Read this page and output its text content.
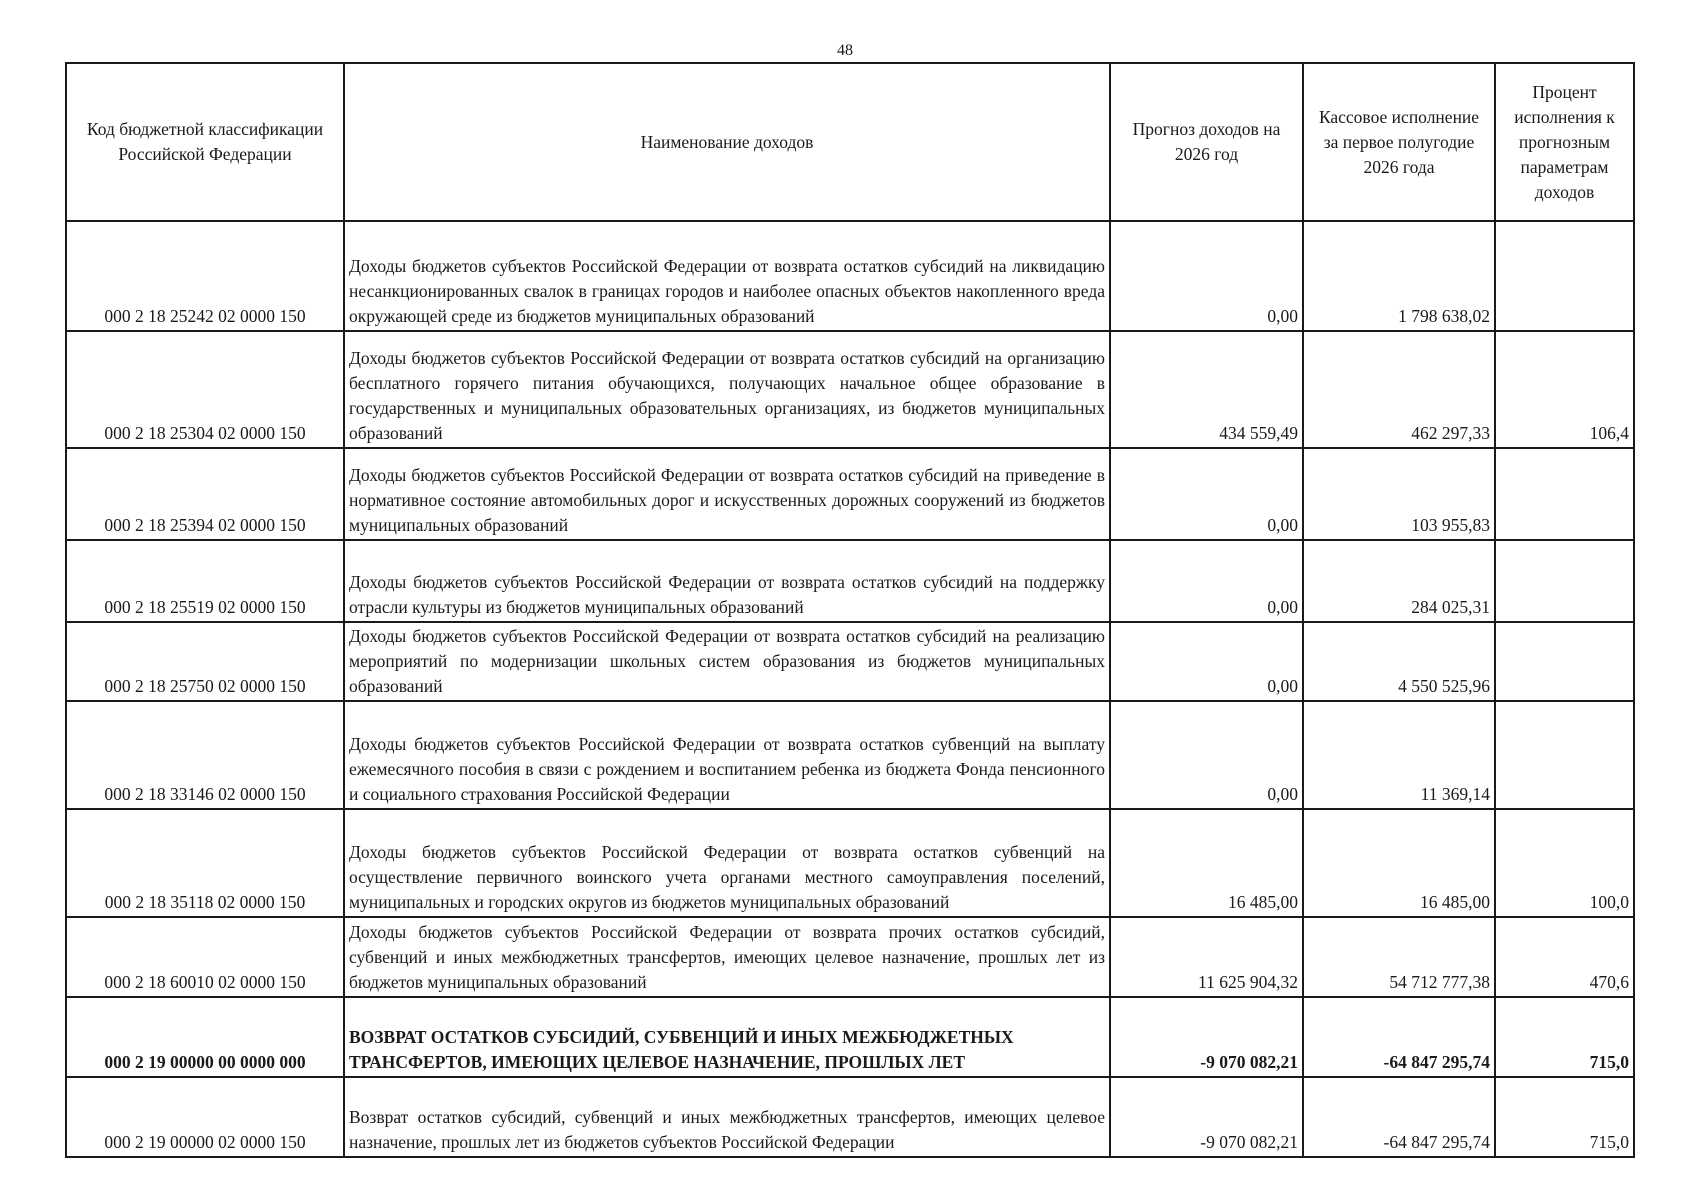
48
Код бюджетной классификации Российской Федерации	Наименование доходов	Прогноз доходов на 2026 год	Кассовое исполнение за первое полугодие 2026 года	Процент исполнения к прогнозным параметрам доходов
000 2 18 25242 02 0000 150	Доходы бюджетов субъектов Российской Федерации от возврата остатков субсидий на ликвидацию несанкционированных свалок в границах городов и наиболее опасных объектов накопленного вреда окружающей среде из бюджетов муниципальных образований	0,00	1 798 638,02	
000 2 18 25304 02 0000 150	Доходы бюджетов субъектов Российской Федерации от возврата остатков субсидий на организацию бесплатного горячего питания обучающихся, получающих начальное общее образование в государственных и муниципальных образовательных организациях, из бюджетов муниципальных образований	434 559,49	462 297,33	106,4
000 2 18 25394 02 0000 150	Доходы бюджетов субъектов Российской Федерации от возврата остатков субсидий на приведение в нормативное состояние автомобильных дорог и искусственных дорожных сооружений из бюджетов муниципальных образований	0,00	103 955,83	
000 2 18 25519 02 0000 150	Доходы бюджетов субъектов Российской Федерации от возврата остатков субсидий на поддержку отрасли культуры из бюджетов муниципальных образований	0,00	284 025,31	
000 2 18 25750 02 0000 150	Доходы бюджетов субъектов Российской Федерации от возврата остатков субсидий на реализацию мероприятий по модернизации школьных систем образования из бюджетов муниципальных образований	0,00	4 550 525,96	
000 2 18 33146 02 0000 150	Доходы бюджетов субъектов Российской Федерации от возврата остатков субвенций на выплату ежемесячного пособия в связи с рождением и воспитанием ребенка из бюджета Фонда пенсионного и социального страхования Российской Федерации	0,00	11 369,14	
000 2 18 35118 02 0000 150	Доходы бюджетов субъектов Российской Федерации от возврата остатков субвенций на осуществление первичного воинского учета органами местного самоуправления поселений, муниципальных и городских округов из бюджетов муниципальных образований	16 485,00	16 485,00	100,0
000 2 18 60010 02 0000 150	Доходы бюджетов субъектов Российской Федерации от возврата прочих остатков субсидий, субвенций и иных межбюджетных трансфертов, имеющих целевое назначение, прошлых лет из бюджетов муниципальных образований	11 625 904,32	54 712 777,38	470,6
000 2 19 00000 00 0000 000	ВОЗВРАТ ОСТАТКОВ СУБСИДИЙ, СУБВЕНЦИЙ И ИНЫХ МЕЖБЮДЖЕТНЫХ ТРАНСФЕРТОВ, ИМЕЮЩИХ ЦЕЛЕВОЕ НАЗНАЧЕНИЕ, ПРОШЛЫХ ЛЕТ	-9 070 082,21	-64 847 295,74	715,0
000 2 19 00000 02 0000 150	Возврат остатков субсидий, субвенций и иных межбюджетных трансфертов, имеющих целевое назначение, прошлых лет из бюджетов субъектов Российской Федерации	-9 070 082,21	-64 847 295,74	715,0
